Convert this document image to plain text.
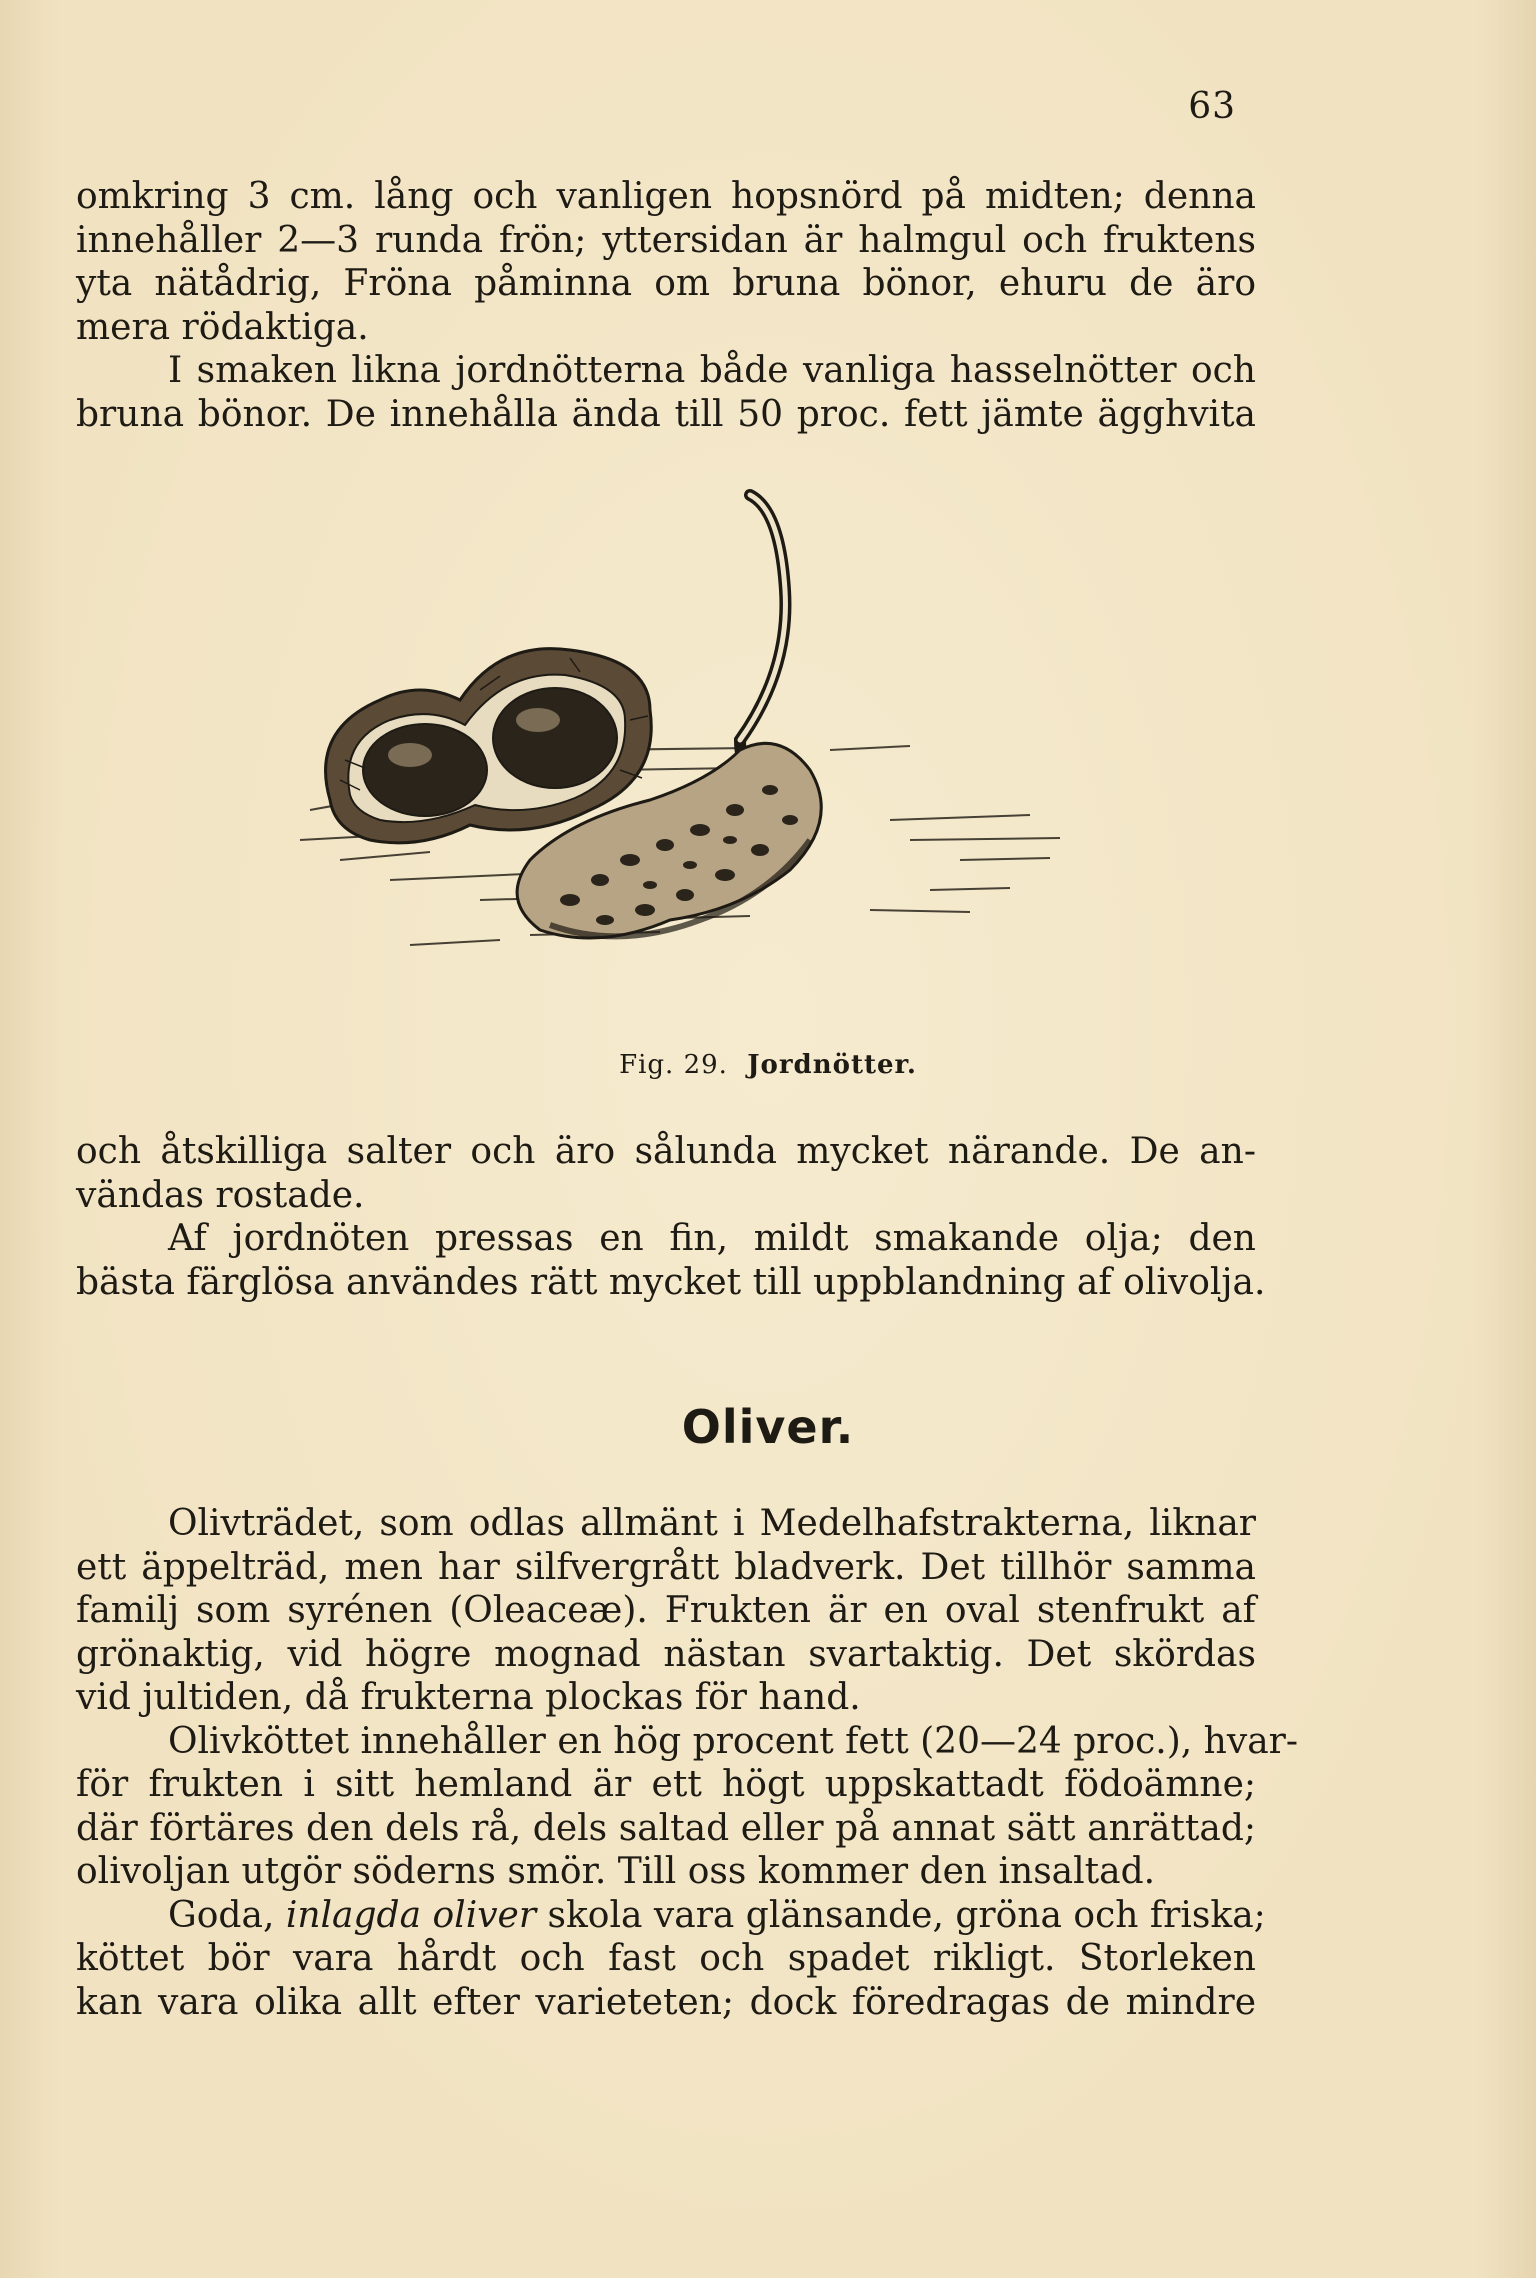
63
omkring 3 cm. lång och vanligen hopsnörd på midten; denna
innehåller 2—3 runda frön; yttersidan är halmgul och fruktens
yta nätådrig, Fröna påminna om bruna bönor, ehuru de äro
mera rödaktiga.
I smaken likna jordnötterna både vanliga hasselnötter och
bruna bönor. De innehålla ända till 50 proc. fett jämte ägghvita
Fig. 29. Jordnötter.
och åtskilliga salter och äro sålunda mycket närande. De an-
vändas rostade.
Af jordnöten pressas en fin, mildt smakande olja; den
bästa färglösa användes rätt mycket till uppblandning af olivolja.
Oliver.
Olivträdet, som odlas allmänt i Medelhafstrakterna, liknar
ett äppelträd, men har silfvergrått bladverk. Det tillhör samma
familj som syrénen (Oleaceæ). Frukten är en oval stenfrukt af
grönaktig, vid högre mognad nästan svartaktig. Det skördas
vid jultiden, då frukterna plockas för hand.
Olivköttet innehåller en hög procent fett (20—24 proc.), hvar-
för frukten i sitt hemland är ett högt uppskattadt födoämne;
där förtäres den dels rå, dels saltad eller på annat sätt anrättad;
olivoljan utgör söderns smör. Till oss kommer den insaltad.
Goda, inlagda oliver skola vara glänsande, gröna och friska;
köttet bör vara hårdt och fast och spadet rikligt. Storleken
kan vara olika allt efter varieteten; dock föredragas de mindre
